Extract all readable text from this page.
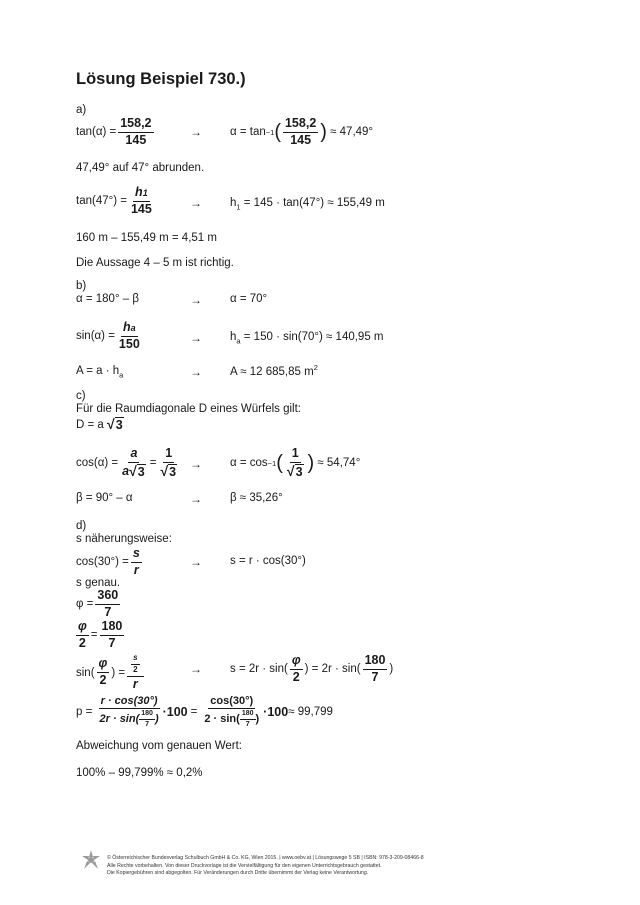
Lösung Beispiel 730.)
a)
$\tan(\alpha) = \frac{158,2}{145}$	→ α = tan −1 ( $\frac{158,2}{145}$ )
≈ 47,49°
47,49° auf 47° abrunden.
$\tan(47^\circ) = \frac{h1}{145}$	→ $h_1 = 145 \cdot \tan(47^\circ) \approx 155,49$ m
160 m – 155,49 m = 4,51 m
Die Aussage 4 – 5 m ist richtig.
b)
α = 180° – β	→ α = 70°
$\sin(\alpha) = \frac{ha}{150}$	→ $h_a = 150 \cdot \sin(70^\circ) \approx 140,95$ m
$A = a \cdot h_a$	→ A ≈ 12 685,85 $m^2$
c)
Für die Raumdiagonale D eines Würfels gilt:
D = a
√ 3
$\cos(\alpha) = \frac{a}{a √ 3} = \frac{1}{√ 3} \to \alpha = \cos -1$ ( $\frac{1}{√ 3}$ )
≈ 54,74°
β = 90° – α	→ β ≈ 35,26°
d)
s näherungsweise:
$\cos(30^\circ) = \frac{s}{r}$	→ s = r · cos(30°)
s genau.
$\varphi = \frac{360}{7}$
$\frac{\varphi}{2} = \frac{180}{7}$
$\sin( \frac{\varphi}{2}$ ) = $\frac{\frac{s}{2}}{r}$	→ $s = 2r \cdot \sin( \frac{\varphi}{2}$ ) = $2r \cdot \sin( \frac{180}{7}$ )
p =
$\frac{r \cdot \cos(30^\circ)}{2r \cdot \sin( \frac{180}{7} )} \cdot 100 = \frac{\cos(30^\circ)}{2 \cdot \sin( \frac{180}{7} )} \cdot 100 \approx 99,799$
Abweichung vom genauen Wert:
100% – 99,799% ≈ 0,2%
© Österreichischer Bundesverlag Schulbuch GmbH & Co. KG, Wien 2015. | www.oebv.at | Lösungswege 5 SB | ISBN: 978-3-209-08466-8
Alle Rechte vorbehalten. Von dieser Druckvorlage ist die Vervielfältigung für den eigenen Unterrichtsgebrauch gestattet.
Die Kopiergebühren sind abgegolten. Für Veränderungen durch Dritte übernimmt der Verlag keine Verantwortung.
